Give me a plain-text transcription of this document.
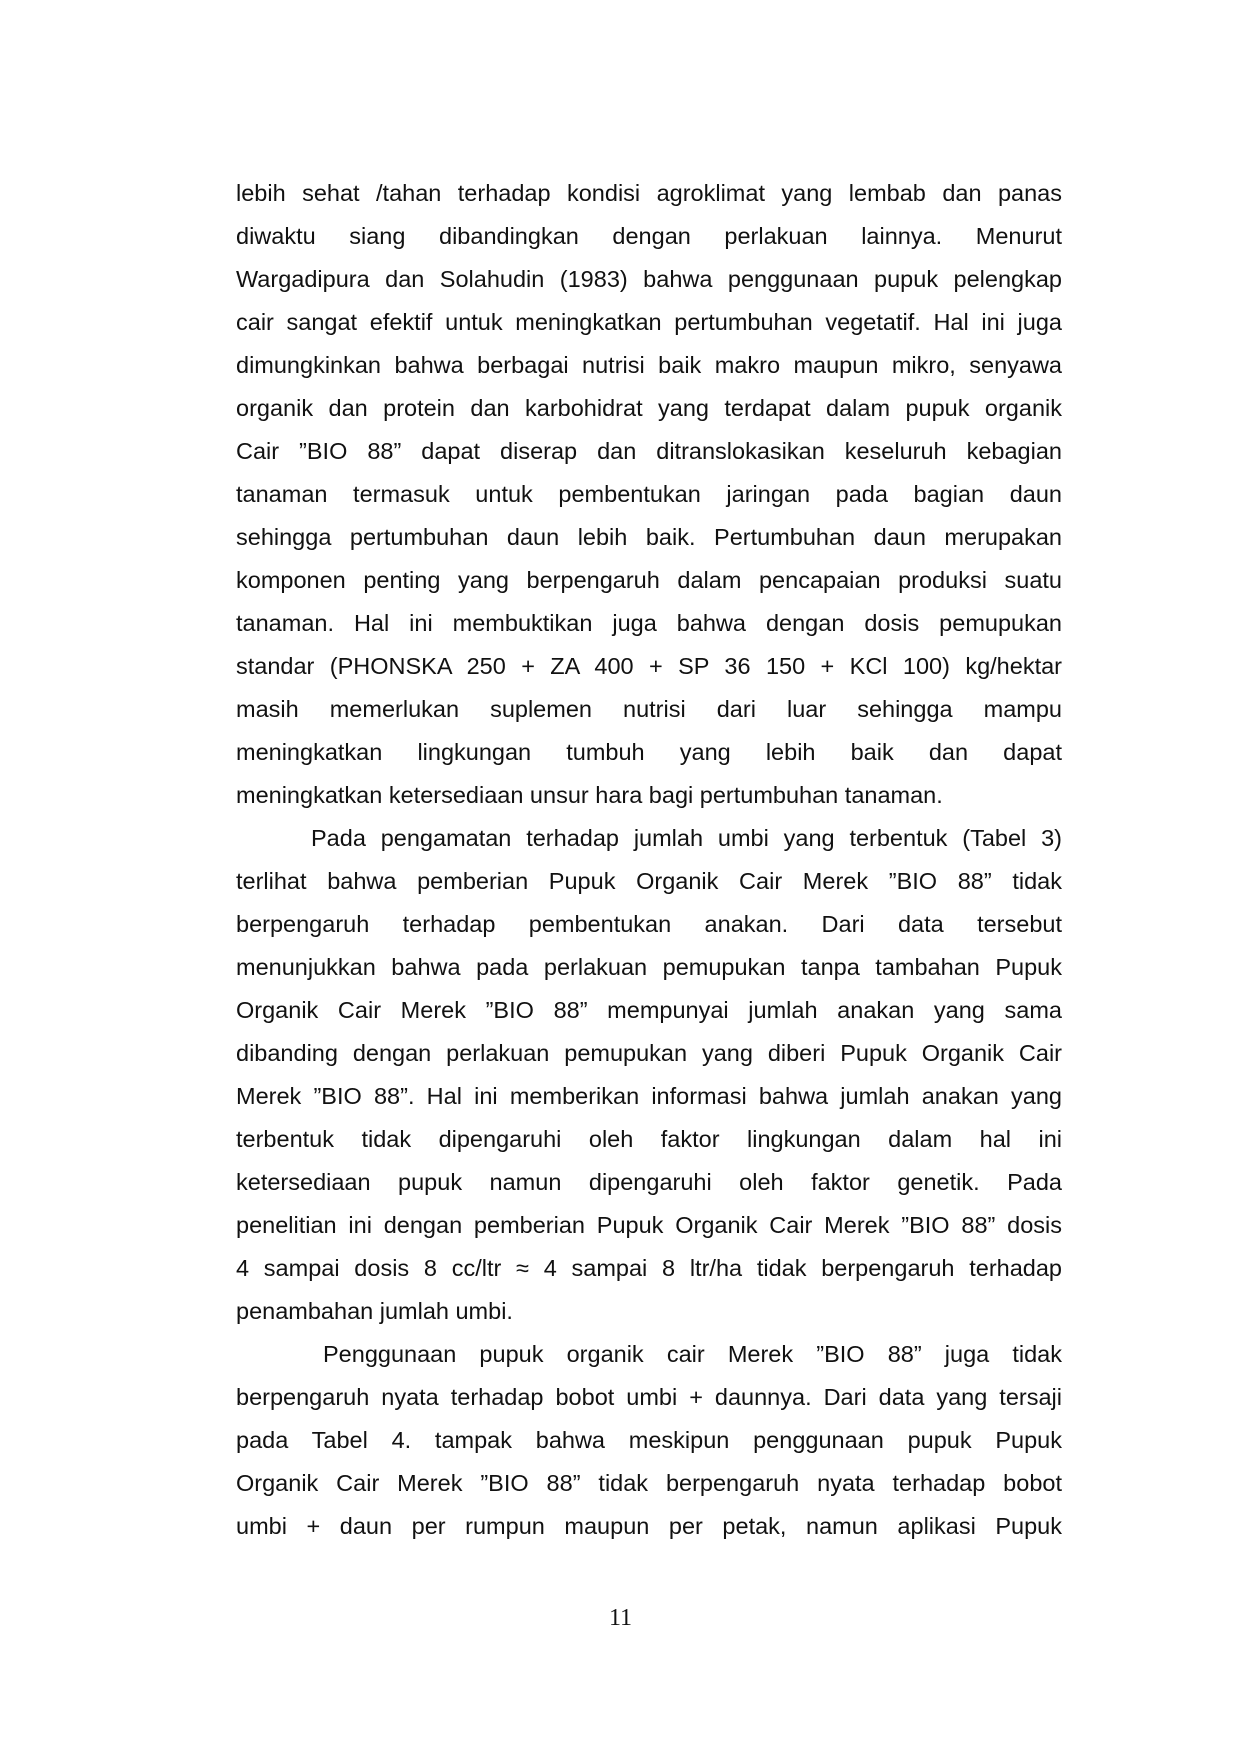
lebih sehat /tahan terhadap kondisi agroklimat yang lembab dan panas
diwaktu siang dibandingkan dengan perlakuan lainnya. Menurut
Wargadipura dan Solahudin (1983) bahwa penggunaan pupuk pelengkap
cair sangat efektif untuk meningkatkan pertumbuhan vegetatif. Hal ini juga
dimungkinkan bahwa berbagai nutrisi baik makro maupun mikro, senyawa
organik dan protein dan karbohidrat yang terdapat dalam pupuk organik
Cair ”BIO 88” dapat diserap dan ditranslokasikan keseluruh kebagian
tanaman termasuk untuk pembentukan jaringan pada bagian daun
sehingga pertumbuhan daun lebih baik. Pertumbuhan daun merupakan
komponen penting yang berpengaruh dalam pencapaian produksi suatu
tanaman. Hal ini membuktikan juga bahwa dengan dosis pemupukan
standar (PHONSKA 250 + ZA 400 + SP 36 150 + KCl 100) kg/hektar
masih memerlukan suplemen nutrisi dari luar sehingga mampu
meningkatkan lingkungan tumbuh yang lebih baik dan dapat
meningkatkan ketersediaan unsur hara bagi pertumbuhan tanaman.
Pada pengamatan terhadap jumlah umbi yang terbentuk (Tabel 3)
terlihat bahwa pemberian Pupuk Organik Cair Merek ”BIO 88” tidak
berpengaruh terhadap pembentukan anakan. Dari data tersebut
menunjukkan bahwa pada perlakuan pemupukan tanpa tambahan Pupuk
Organik Cair Merek ”BIO 88” mempunyai jumlah anakan yang sama
dibanding dengan perlakuan pemupukan yang diberi Pupuk Organik Cair
Merek ”BIO 88”. Hal ini memberikan informasi bahwa jumlah anakan yang
terbentuk tidak dipengaruhi oleh faktor lingkungan dalam hal ini
ketersediaan pupuk namun dipengaruhi oleh faktor genetik. Pada
penelitian ini dengan pemberian Pupuk Organik Cair Merek ”BIO 88” dosis
4 sampai dosis 8 cc/ltr ≈ 4 sampai 8 ltr/ha tidak berpengaruh terhadap
penambahan jumlah umbi.
Penggunaan pupuk organik cair Merek ”BIO 88” juga tidak
berpengaruh nyata terhadap bobot umbi + daunnya. Dari data yang tersaji
pada Tabel 4. tampak bahwa meskipun penggunaan pupuk Pupuk
Organik Cair Merek ”BIO 88” tidak berpengaruh nyata terhadap bobot
umbi + daun per rumpun maupun per petak, namun aplikasi Pupuk
11
